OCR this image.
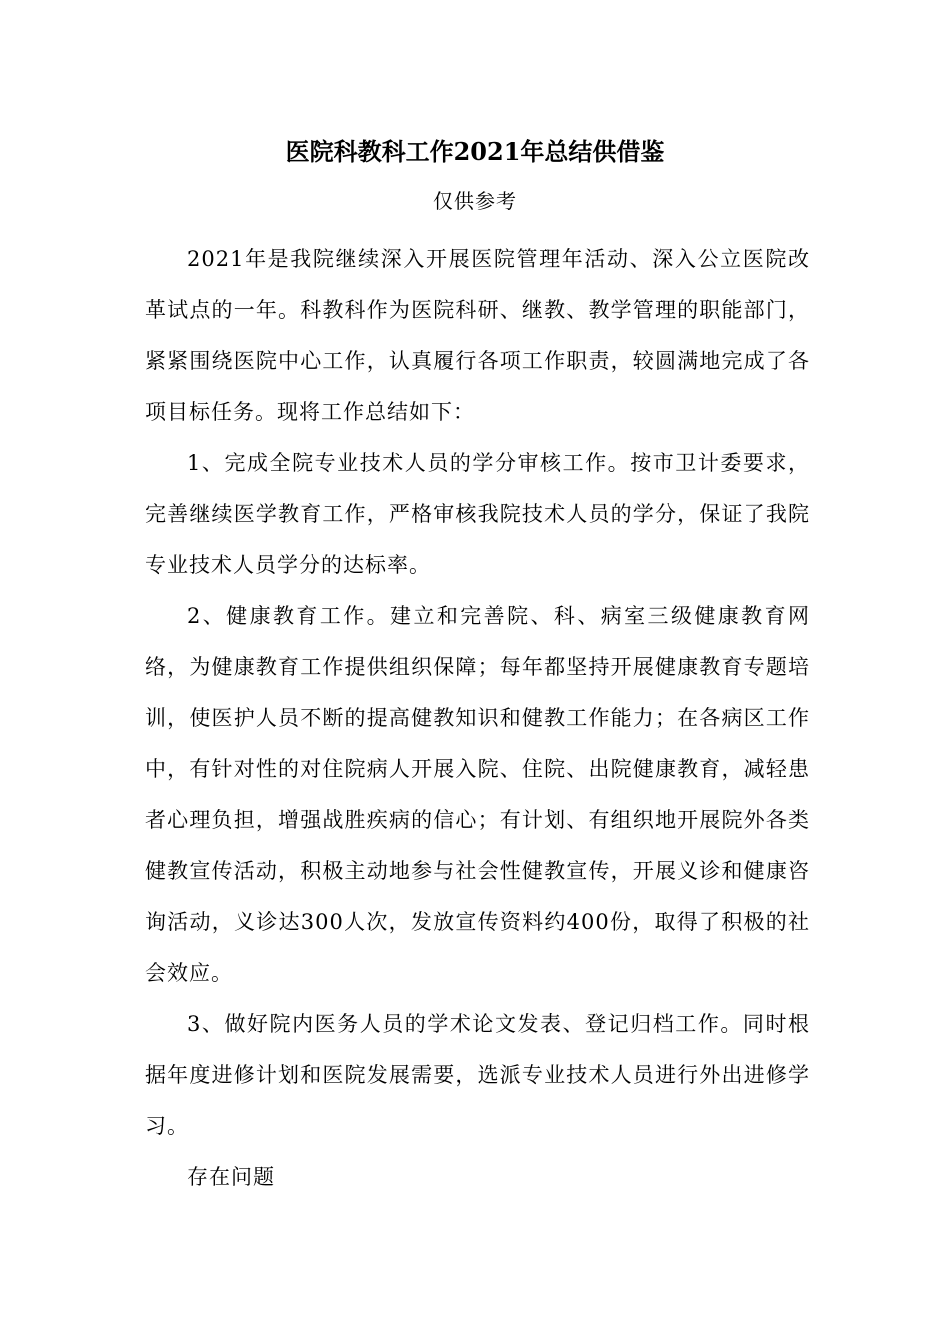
医院科教科工作2021年总结供借鉴
仅供参考

2021年是我院继续深入开展医院管理年活动、深入公立医院改革试点的一年。科教科作为医院科研、继教、教学管理的职能部门，紧紧围绕医院中心工作，认真履行各项工作职责，较圆满地完成了各项目标任务。现将工作总结如下：

1、完成全院专业技术人员的学分审核工作。按市卫计委要求，完善继续医学教育工作，严格审核我院技术人员的学分，保证了我院专业技术人员学分的达标率。

2、健康教育工作。建立和完善院、科、病室三级健康教育网络，为健康教育工作提供组织保障；每年都坚持开展健康教育专题培训，使医护人员不断的提高健教知识和健教工作能力；在各病区工作中，有针对性的对住院病人开展入院、住院、出院健康教育，减轻患者心理负担，增强战胜疾病的信心；有计划、有组织地开展院外各类健教宣传活动，积极主动地参与社会性健教宣传，开展义诊和健康咨询活动，义诊达300人次，发放宣传资料约400份，取得了积极的社会效应。

3、做好院内医务人员的学术论文发表、登记归档工作。同时根据年度进修计划和医院发展需要，选派专业技术人员进行外出进修学习。

存在问题
